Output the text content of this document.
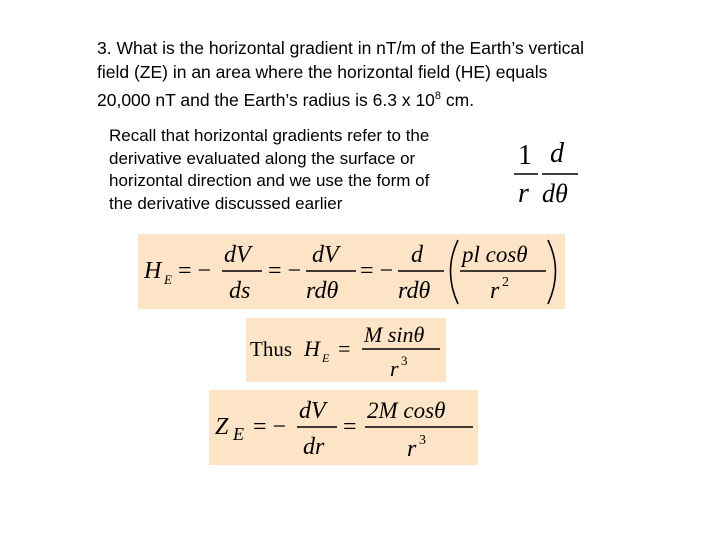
3. What is the horizontal gradient in nT/m of the Earth’s vertical
field (ZE) in an area where the horizontal field (HE) equals
20,000 nT and the Earth’s radius is 6.3 x $10^8$ cm.
Recall that horizontal gradients refer to the
derivative evaluated along the surface or
horizontal direction and we use the form of
the derivative discussed earlier
1
r
d
dθ
H E = −
dV
ds
= −
dV
rdθ
= −
d
rdθ
pl cosθ
r 2
Thus H E =
M sinθ
r 3
Z E = −
dV
dr
=
2M cosθ
r 3
